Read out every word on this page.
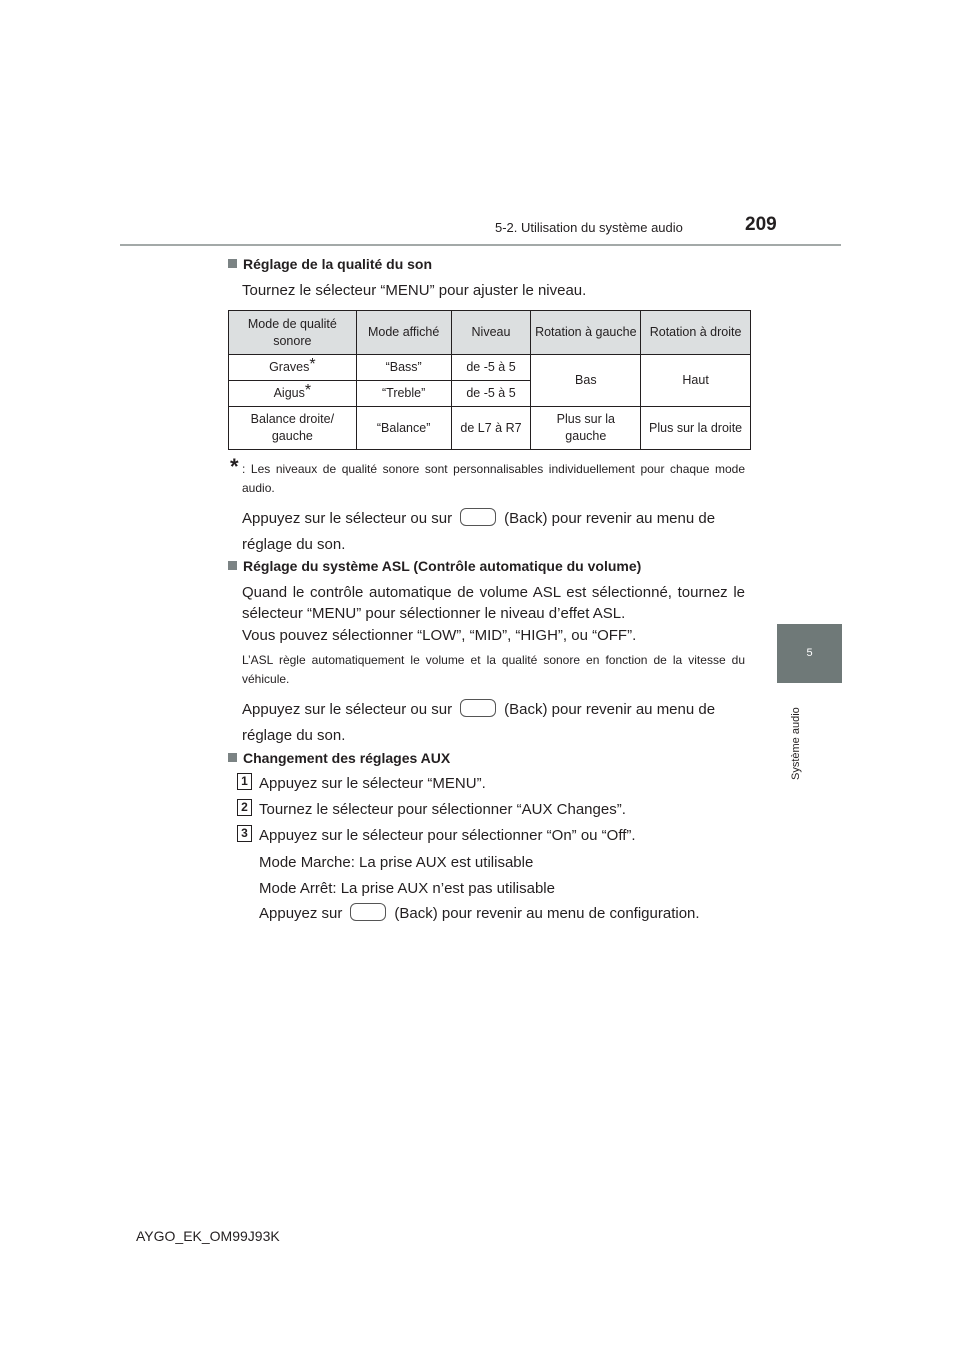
5-2. Utilisation du système audio	209
5
Système audio
Réglage de la qualité du son
Tournez le sélecteur “MENU” pour ajuster le niveau.
Mode de qualité sonore	Mode affiché	Niveau	Rotation à gauche	Rotation à droite
Graves*	“Bass”	de -5 à 5	Bas	Haut
Aigus*	“Treble”	de -5 à 5		
Balance droite/ gauche	“Balance”	de L7 à R7	Plus sur la gauche	Plus sur la droite
* : Les niveaux de qualité sonore sont personnalisables individuellement pour chaque mode audio.
Appuyez sur le sélecteur ou sur	(Back) pour revenir au menu de réglage du son.
Réglage du système ASL (Contrôle automatique du volume)
Quand le contrôle automatique de volume ASL est sélectionné, tournez le sélecteur “MENU” pour sélectionner le niveau d’effet ASL.
Vous pouvez sélectionner “LOW”, “MID”, “HIGH”, ou “OFF”.
L’ASL règle automatiquement le volume et la qualité sonore en fonction de la vitesse du véhicule.
Appuyez sur le sélecteur ou sur	(Back) pour revenir au menu de réglage du son.
Changement des réglages AUX
1 Appuyez sur le sélecteur “MENU”.
2 Tournez le sélecteur pour sélectionner “AUX Changes”.
3 Appuyez sur le sélecteur pour sélectionner “On” ou “Off”.
Mode Marche: La prise AUX est utilisable
Mode Arrêt: La prise AUX n’est pas utilisable
Appuyez sur	(Back) pour revenir au menu de configuration.
AYGO_EK_OM99J93K
